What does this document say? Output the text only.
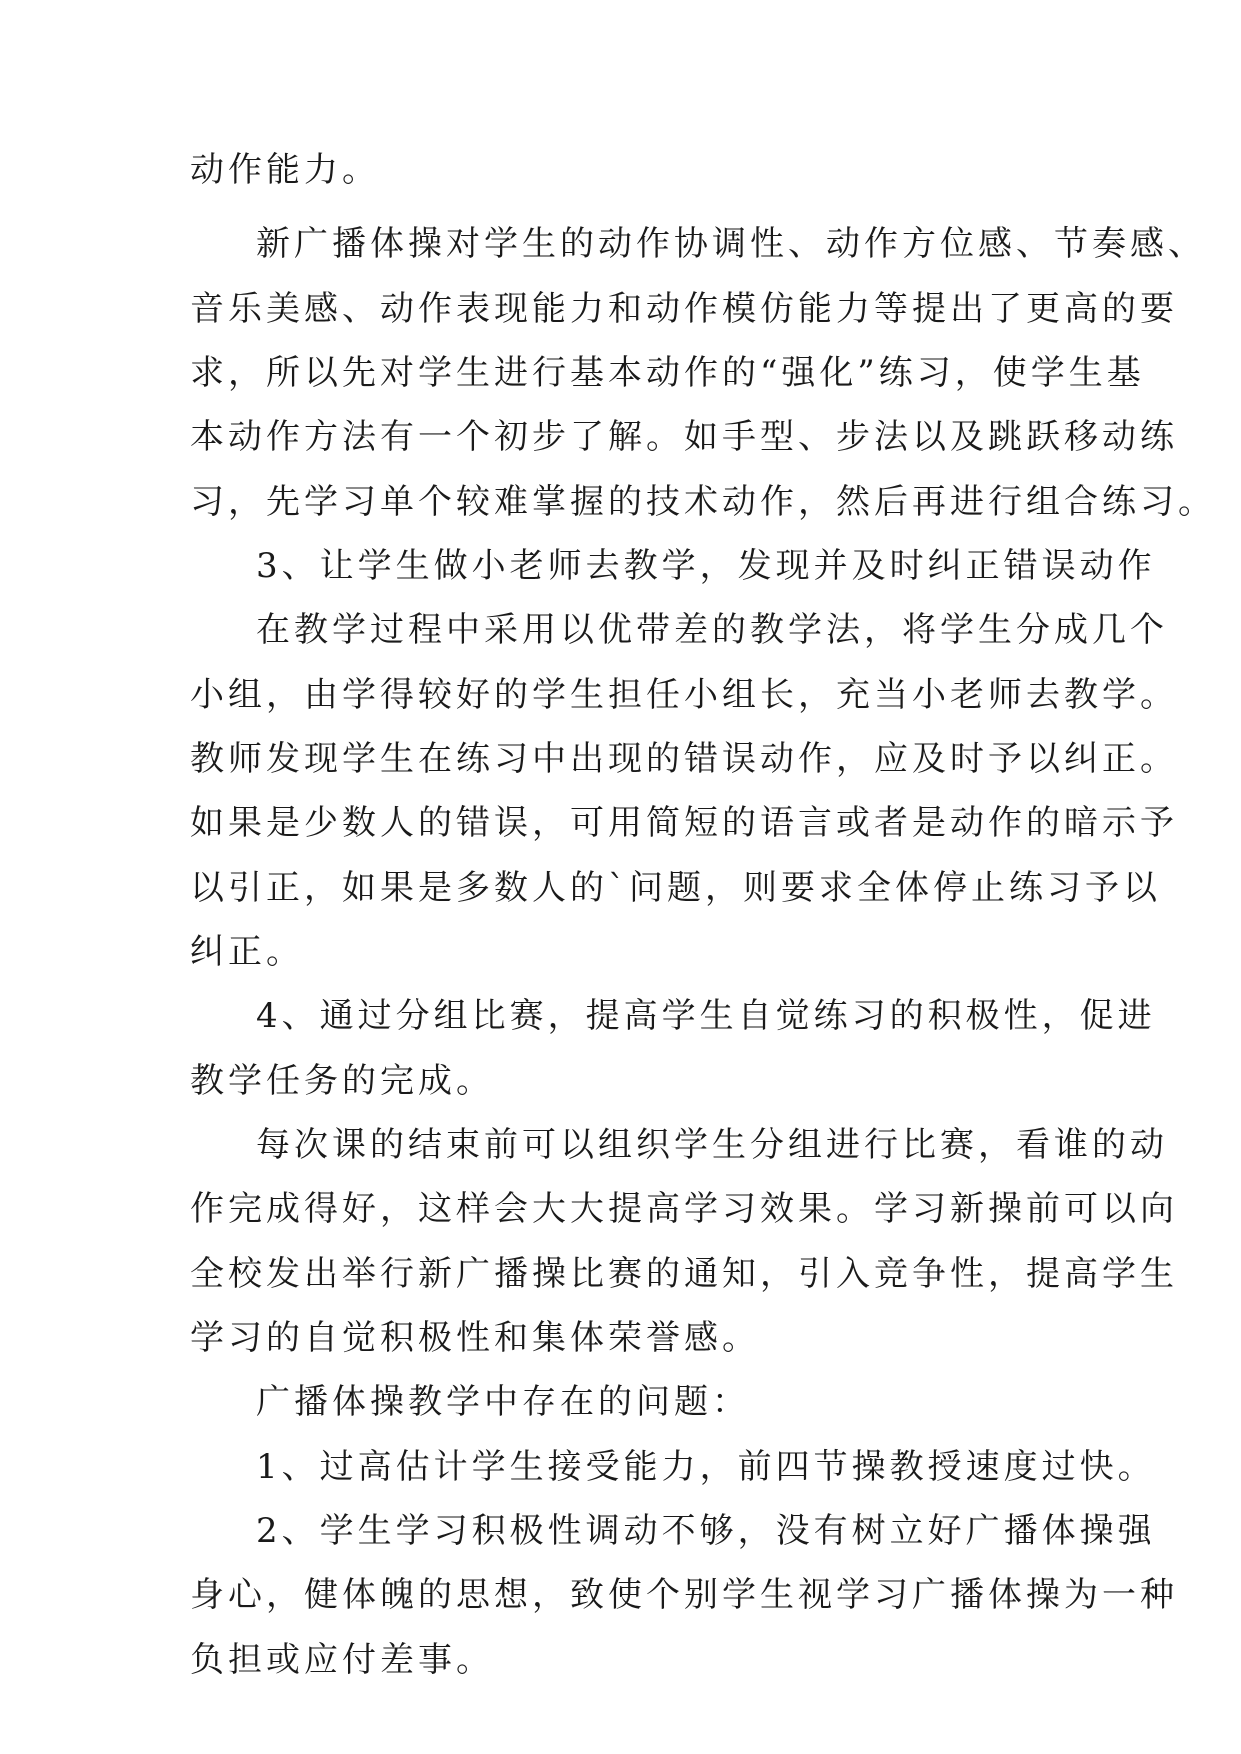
动作能力。
新广播体操对学生的动作协调性、动作方位感、节奏感、
音乐美感、动作表现能力和动作模仿能力等提出了更高的要
求，所以先对学生进行基本动作的“强化”练习，使学生基
本动作方法有一个初步了解。如手型、步法以及跳跃移动练
习，先学习单个较难掌握的技术动作，然后再进行组合练习。
3、让学生做小老师去教学，发现并及时纠正错误动作
在教学过程中采用以优带差的教学法，将学生分成几个
小组，由学得较好的学生担任小组长，充当小老师去教学。
教师发现学生在练习中出现的错误动作，应及时予以纠正。
如果是少数人的错误，可用简短的语言或者是动作的暗示予
以引正，如果是多数人的`问题，则要求全体停止练习予以
纠正。
4、通过分组比赛，提高学生自觉练习的积极性，促进
教学任务的完成。
每次课的结束前可以组织学生分组进行比赛，看谁的动
作完成得好，这样会大大提高学习效果。学习新操前可以向
全校发出举行新广播操比赛的通知，引入竞争性，提高学生
学习的自觉积极性和集体荣誉感。
广播体操教学中存在的问题：
1、过高估计学生接受能力，前四节操教授速度过快。
2、学生学习积极性调动不够，没有树立好广播体操强
身心，健体魄的思想，致使个别学生视学习广播体操为一种
负担或应付差事。
